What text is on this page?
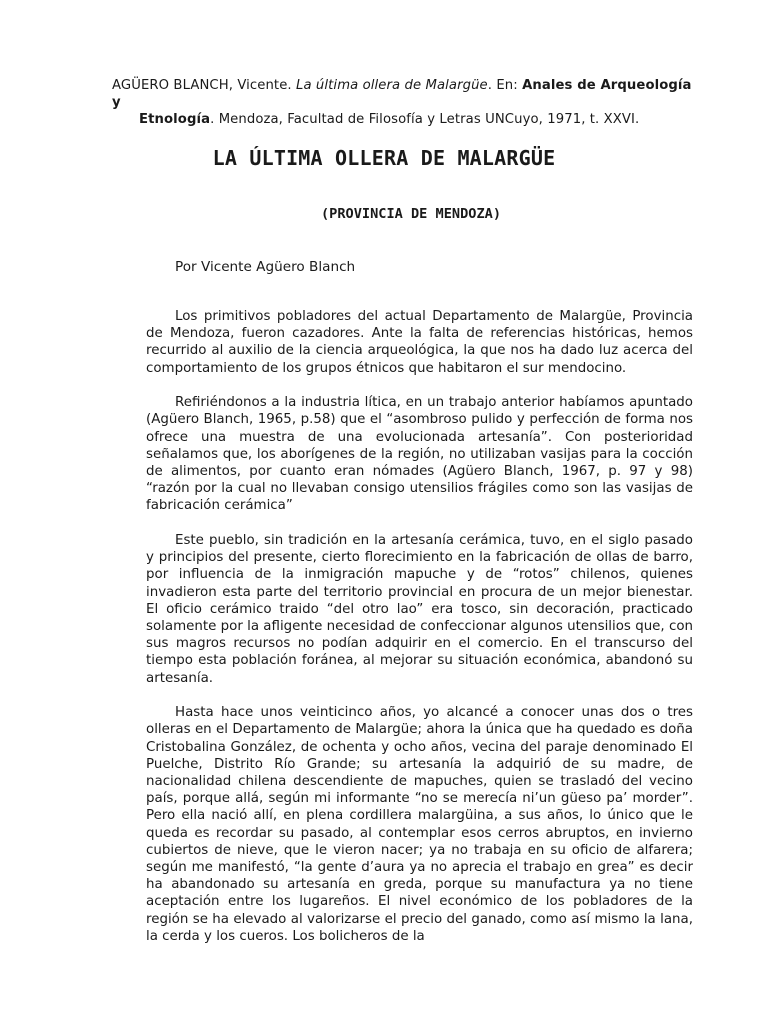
AGÜERO BLANCH, Vicente. La última ollera de Malargüe. En: Anales de Arqueología y
Etnología. Mendoza, Facultad de Filosofía y Letras UNCuyo, 1971, t. XXVI.
LA ÚLTIMA OLLERA DE MALARGÜE
(PROVINCIA DE MENDOZA)
Por Vicente Agüero Blanch

Los primitivos pobladores del actual Departamento de Malargüe, Provincia de Mendoza, fueron cazadores. Ante la falta de referencias históricas, hemos recurrido al auxilio de la ciencia arqueológica, la que nos ha dado luz acerca del comportamiento de los grupos étnicos que habitaron el sur mendocino.

Refiriéndonos a la industria lítica, en un trabajo anterior habíamos apuntado (Agüero Blanch, 1965, p.58) que el “asombroso pulido y perfección de forma nos ofrece una muestra de una evolucionada artesanía”. Con posterioridad señalamos que, los aborígenes de la región, no utilizaban vasijas para la cocción de alimentos, por cuanto eran nómades (Agüero Blanch, 1967, p. 97 y 98) “razón por la cual no llevaban consigo utensilios frágiles como son las vasijas de fabricación cerámica”

Este pueblo, sin tradición en la artesanía cerámica, tuvo, en el siglo pasado y principios del presente, cierto florecimiento en la fabricación de ollas de barro, por influencia de la inmigración mapuche y de “rotos” chilenos, quienes invadieron esta parte del territorio provincial en procura de un mejor bienestar. El oficio cerámico traido “del otro lao” era tosco, sin decoración, practicado solamente por la afligente necesidad de confeccionar algunos utensilios que, con sus magros recursos no podían adquirir en el comercio. En el transcurso del tiempo esta población foránea, al mejorar su situación económica, abandonó su artesanía.

Hasta hace unos veinticinco años, yo alcancé a conocer unas dos o tres olleras en el Departamento de Malargüe; ahora la única que ha quedado es doña Cristobalina González, de ochenta y ocho años, vecina del paraje denominado El Puelche, Distrito Río Grande; su artesanía la adquirió de su madre, de nacionalidad chilena descendiente de mapuches, quien se trasladó del vecino país, porque allá, según mi informante “no se merecía ni’un güeso pa’ morder”. Pero ella nació allí, en plena cordillera malargüina, a sus años, lo único que le queda es recordar su pasado, al contemplar esos cerros abruptos, en invierno cubiertos de nieve, que le vieron nacer; ya no trabaja en su oficio de alfarera; según me manifestó, “la gente d’aura ya no aprecia el trabajo en grea” es decir ha abandonado su artesanía en greda, porque su manufactura ya no tiene aceptación entre los lugareños. El nivel económico de los pobladores de la región se ha elevado al valorizarse el precio del ganado, como así mismo la lana, la cerda y los cueros. Los bolicheros de la
